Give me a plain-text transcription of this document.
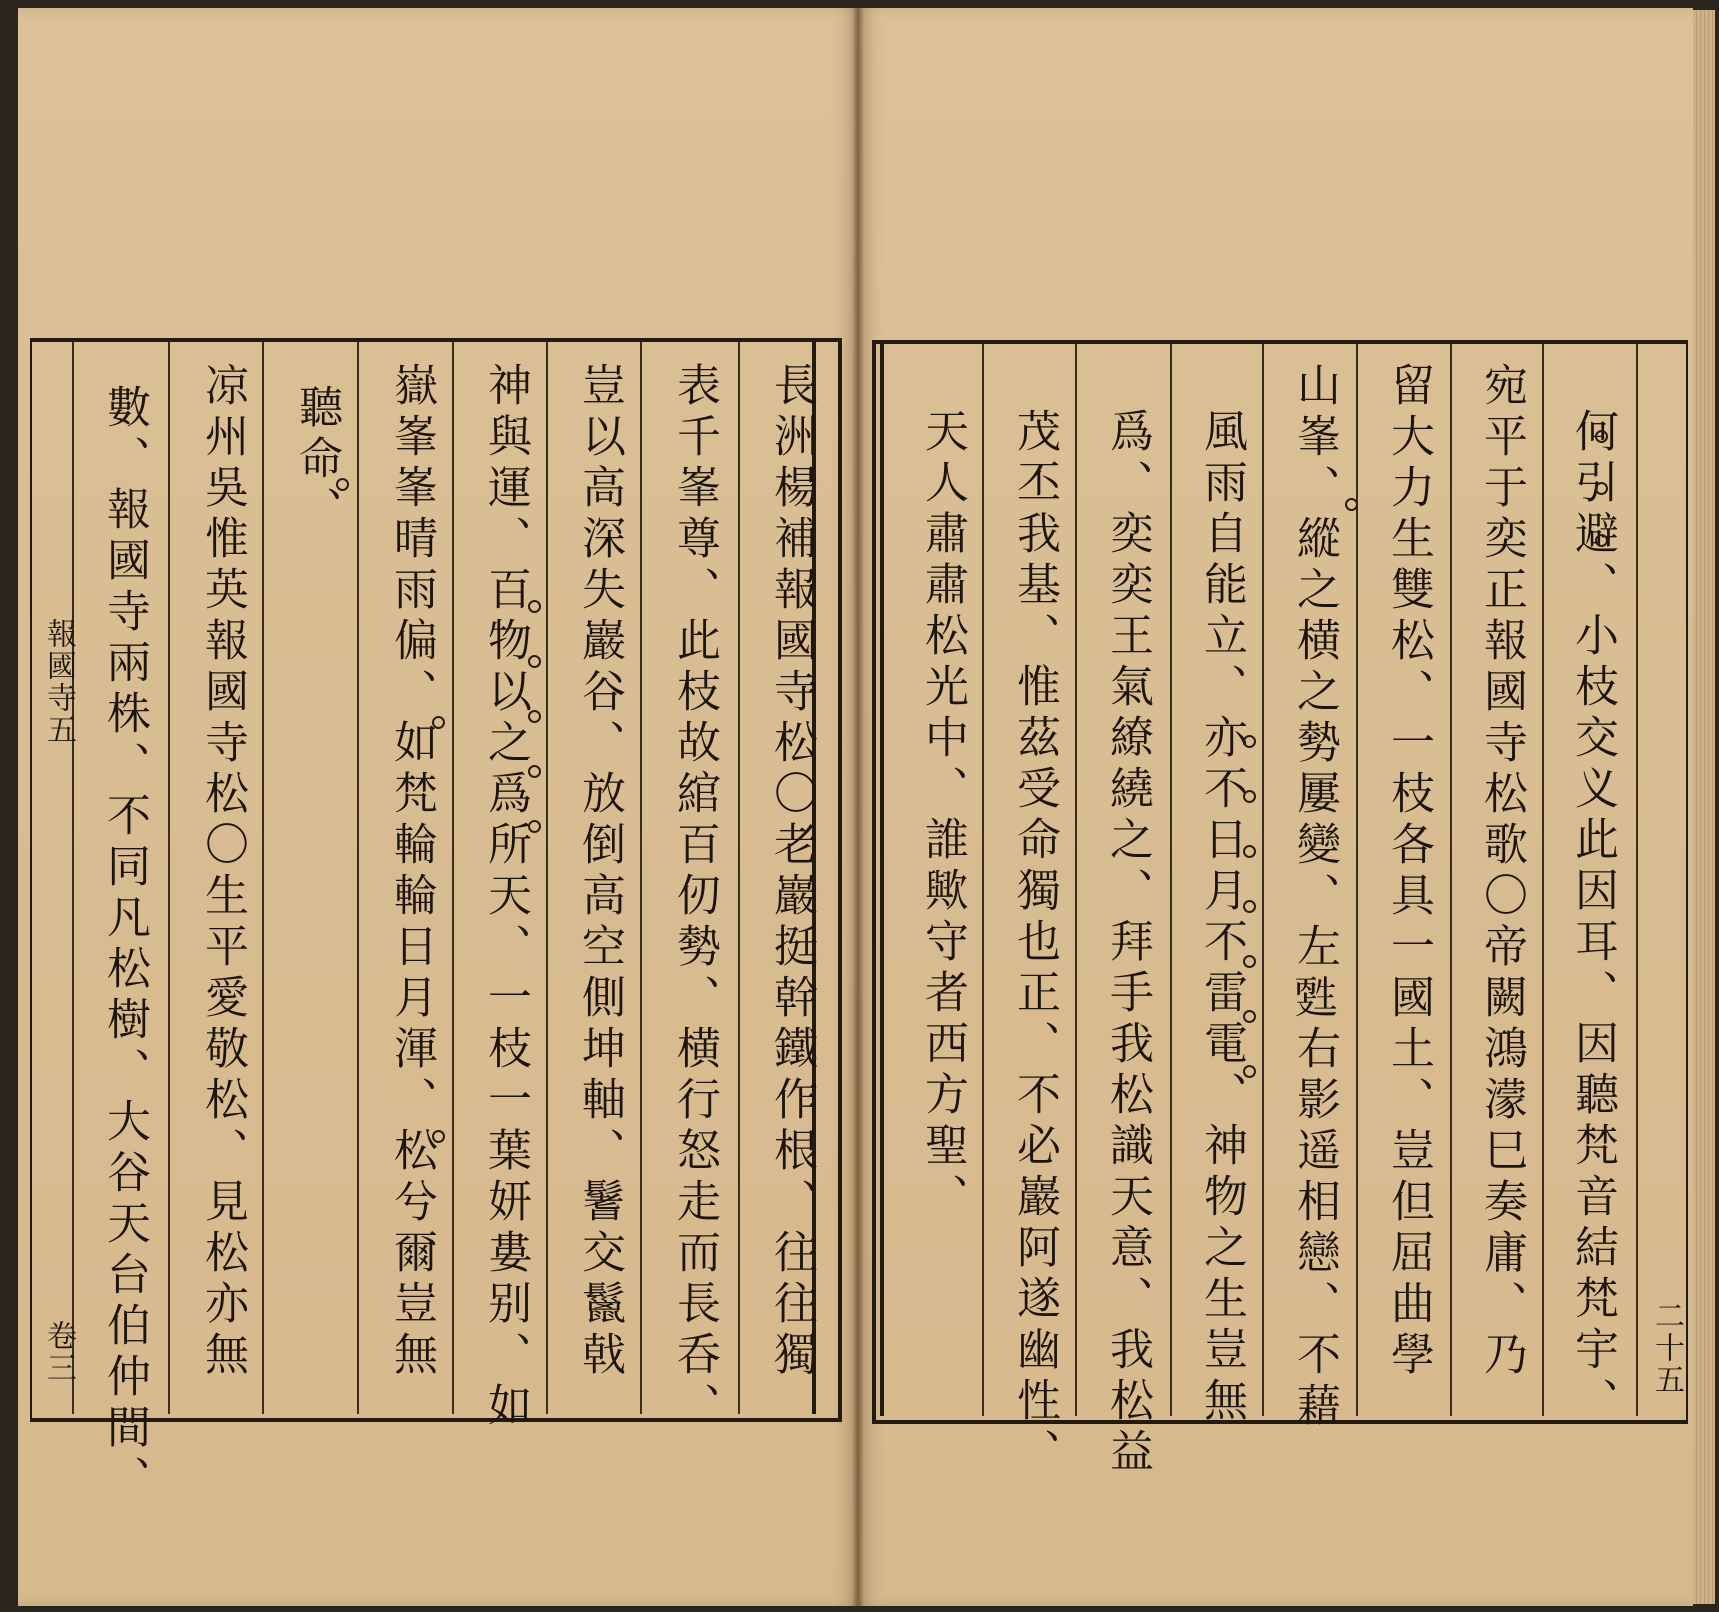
長洲楊補報國寺松〇老巖挺幹鐵作根、往往獨
表千峯尊、此枝故綰百仞勢、横行怒走而長呑、
豈以高深失巖谷、放倒高空側坤軸、鬐交鬣戟
神與運、百物以之爲所天、一枝一葉妍婁别、如
嶽峯峯晴雨偏、如梵輪輪日月渾、松兮爾豈無
聽命、
凉州吳惟英報國寺松〇生平愛敬松、見松亦無
數、報國寺兩株、不同凡松樹、大谷天台伯仲間、
報國寺五
卷三	何引避、小枝交义此因耳、因聽梵音結梵宇、
宛平于奕正報國寺松歌〇帝闕鴻濛巳奏庸、乃
留大力生雙松、一枝各具一國土、豈但屈曲學
山峯、縱之横之勢屢變、左𤯳右影遥相戀、不藉
風雨自能立、亦不日月不雷電、神物之生豈無
爲、奕奕王氣繚繞之、拜手我松識天意、我松益
茂丕我基、惟茲受命獨也正、不必巖阿遂幽性、
天人肅肅松光中、誰歟守者西方聖、
二十五
